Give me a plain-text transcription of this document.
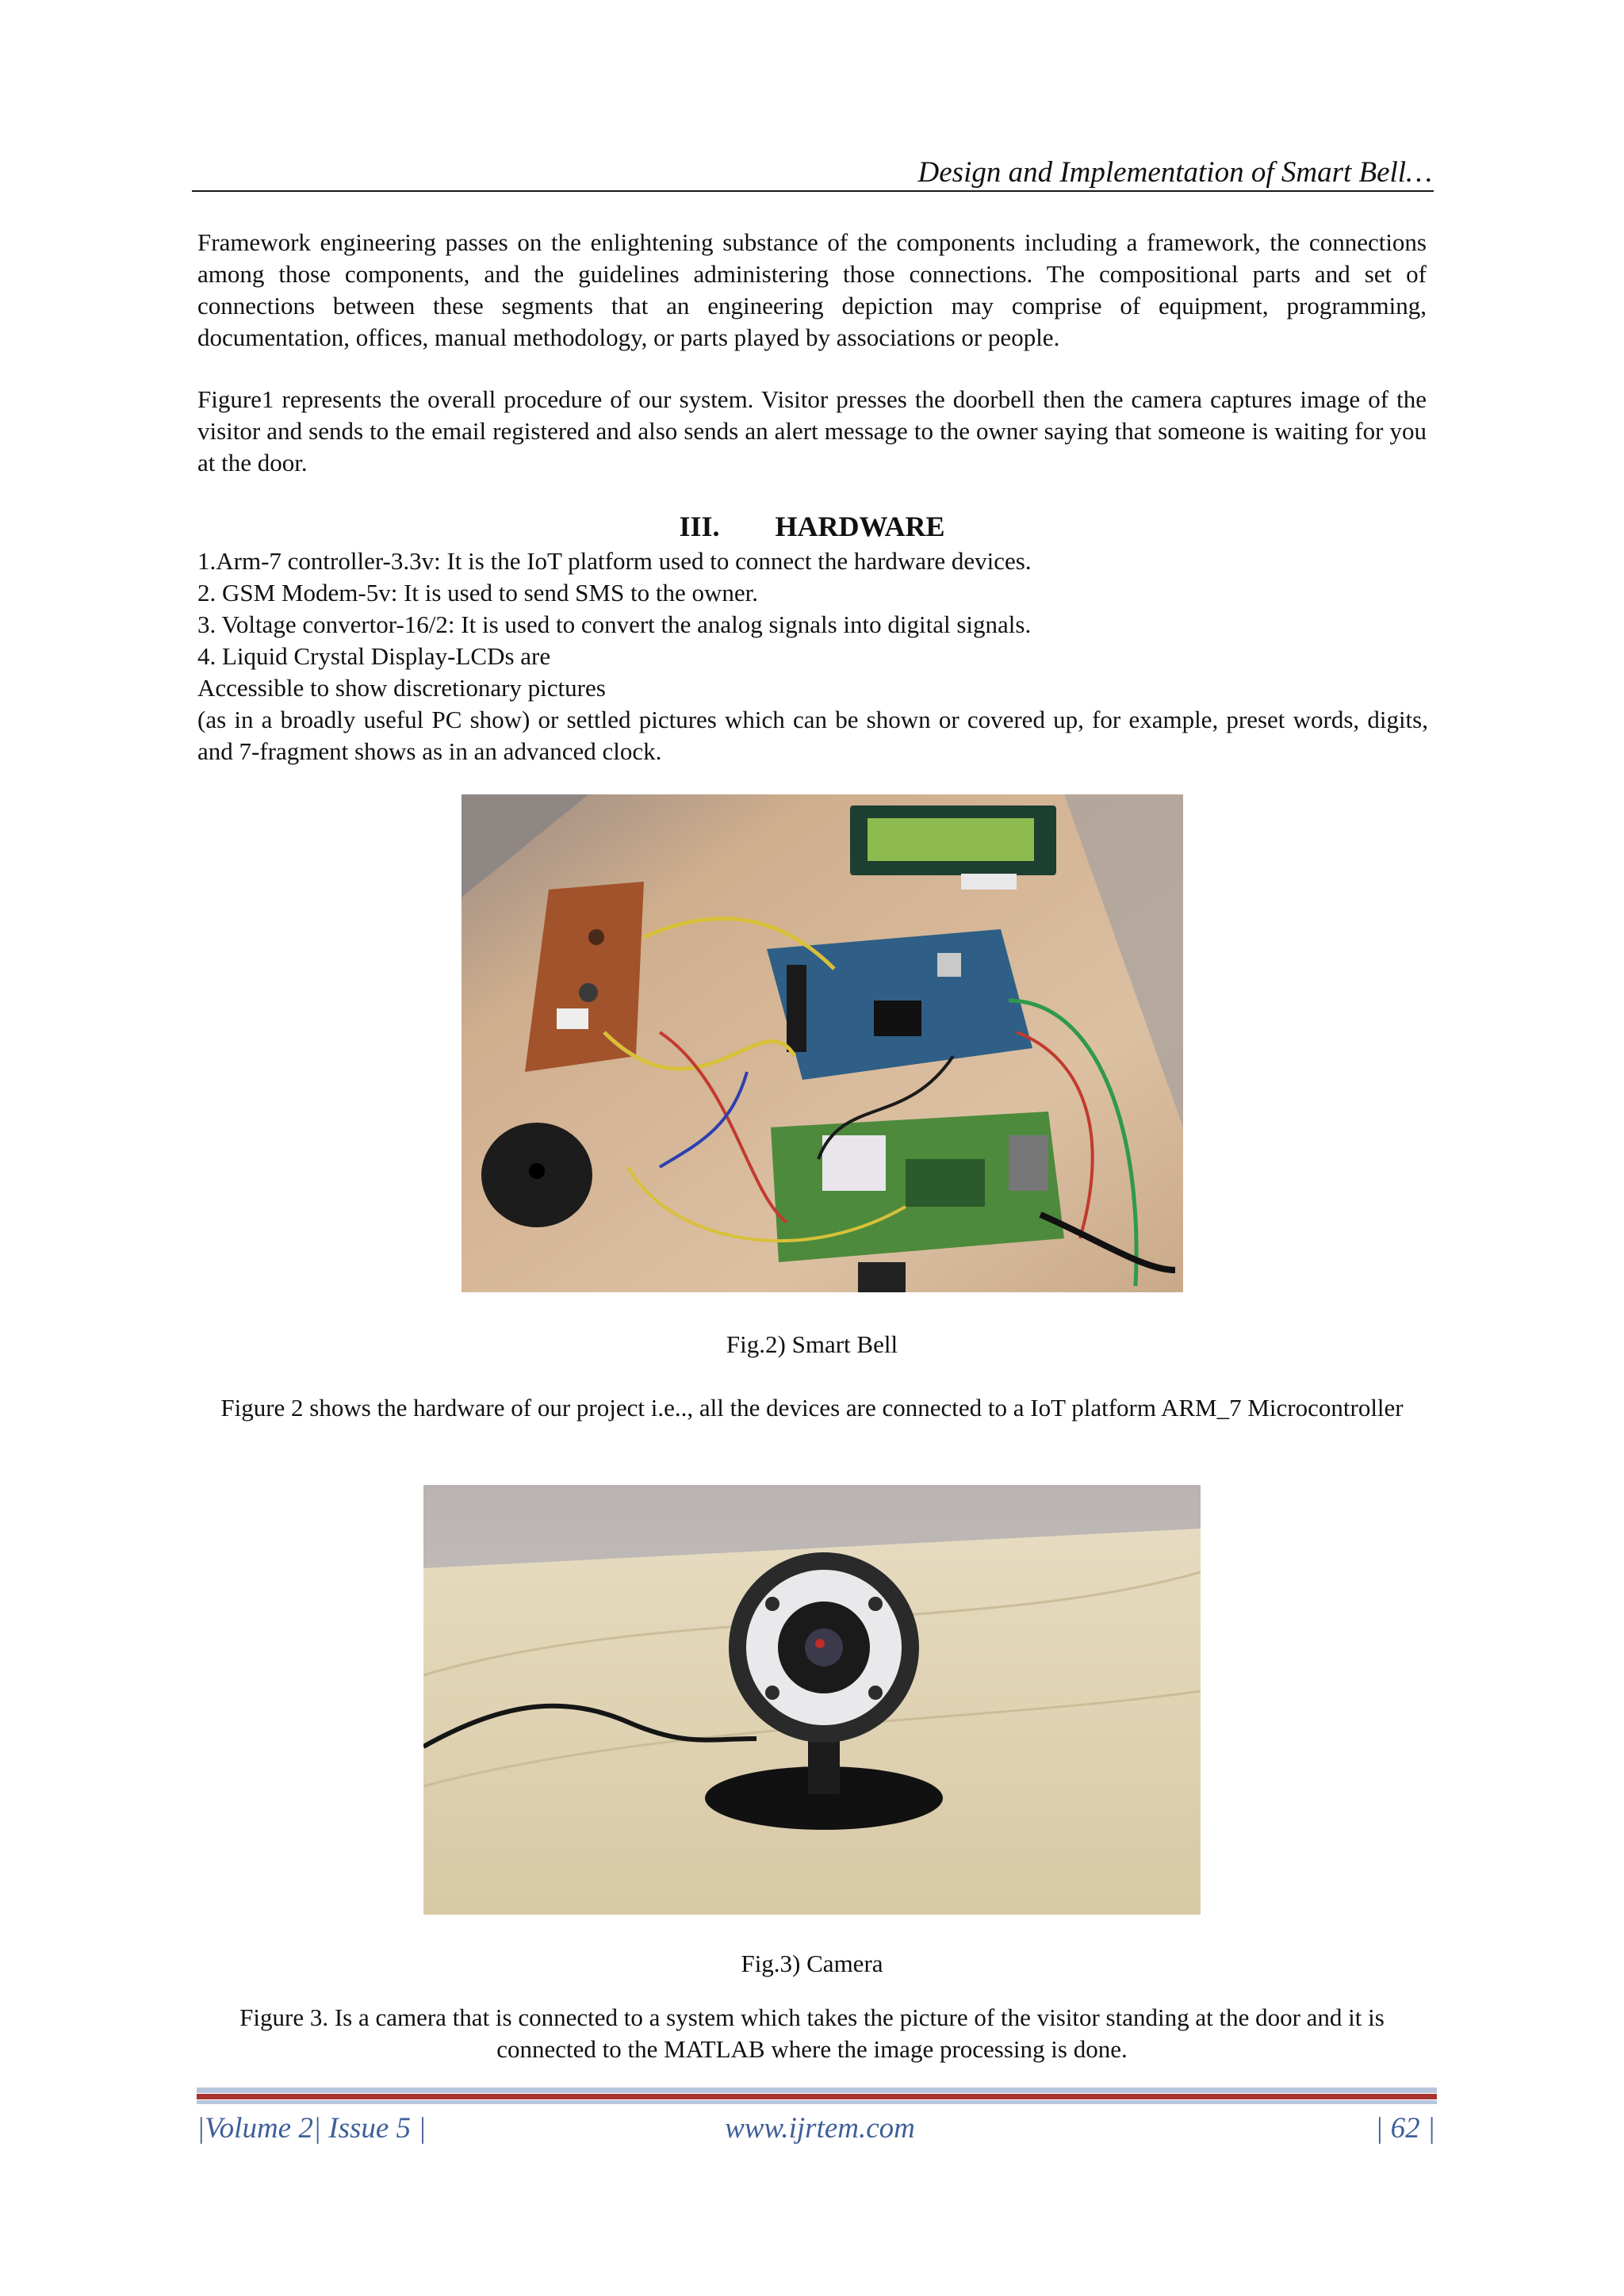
Design and Implementation of Smart Bell…

Framework engineering passes on the enlightening substance of the components including a framework, the connections among those components, and the guidelines administering those connections. The compositional parts and set of connections between these segments that an engineering depiction may comprise of equipment, programming, documentation, offices, manual methodology, or parts played by associations or people.

Figure1 represents the overall procedure of our system. Visitor presses the doorbell then the camera captures image of the visitor and sends to the email registered and also sends an alert message to the owner saying that someone is waiting for you at the door.

III. HARDWARE
1.Arm-7 controller-3.3v: It is the IoT platform used to connect the hardware devices.
2. GSM Modem-5v: It is used to send SMS to the owner.
3. Voltage convertor-16/2: It is used to convert the analog signals into digital signals.
4. Liquid Crystal Display-LCDs are
Accessible to show discretionary pictures
(as in a broadly useful PC show) or settled pictures which can be shown or covered up, for example, preset words, digits, and 7-fragment shows as in an advanced clock.

Fig.2) Smart Bell

Figure 2 shows the hardware of our project i.e.., all the devices are connected to a IoT platform ARM_7 Microcontroller

Fig.3) Camera

Figure 3. Is a camera that is connected to a system which takes the picture of the visitor standing at the door and it is connected to the MATLAB where the image processing is done.

|Volume 2| Issue 5 |	www.ijrtem.com	| 62 |
